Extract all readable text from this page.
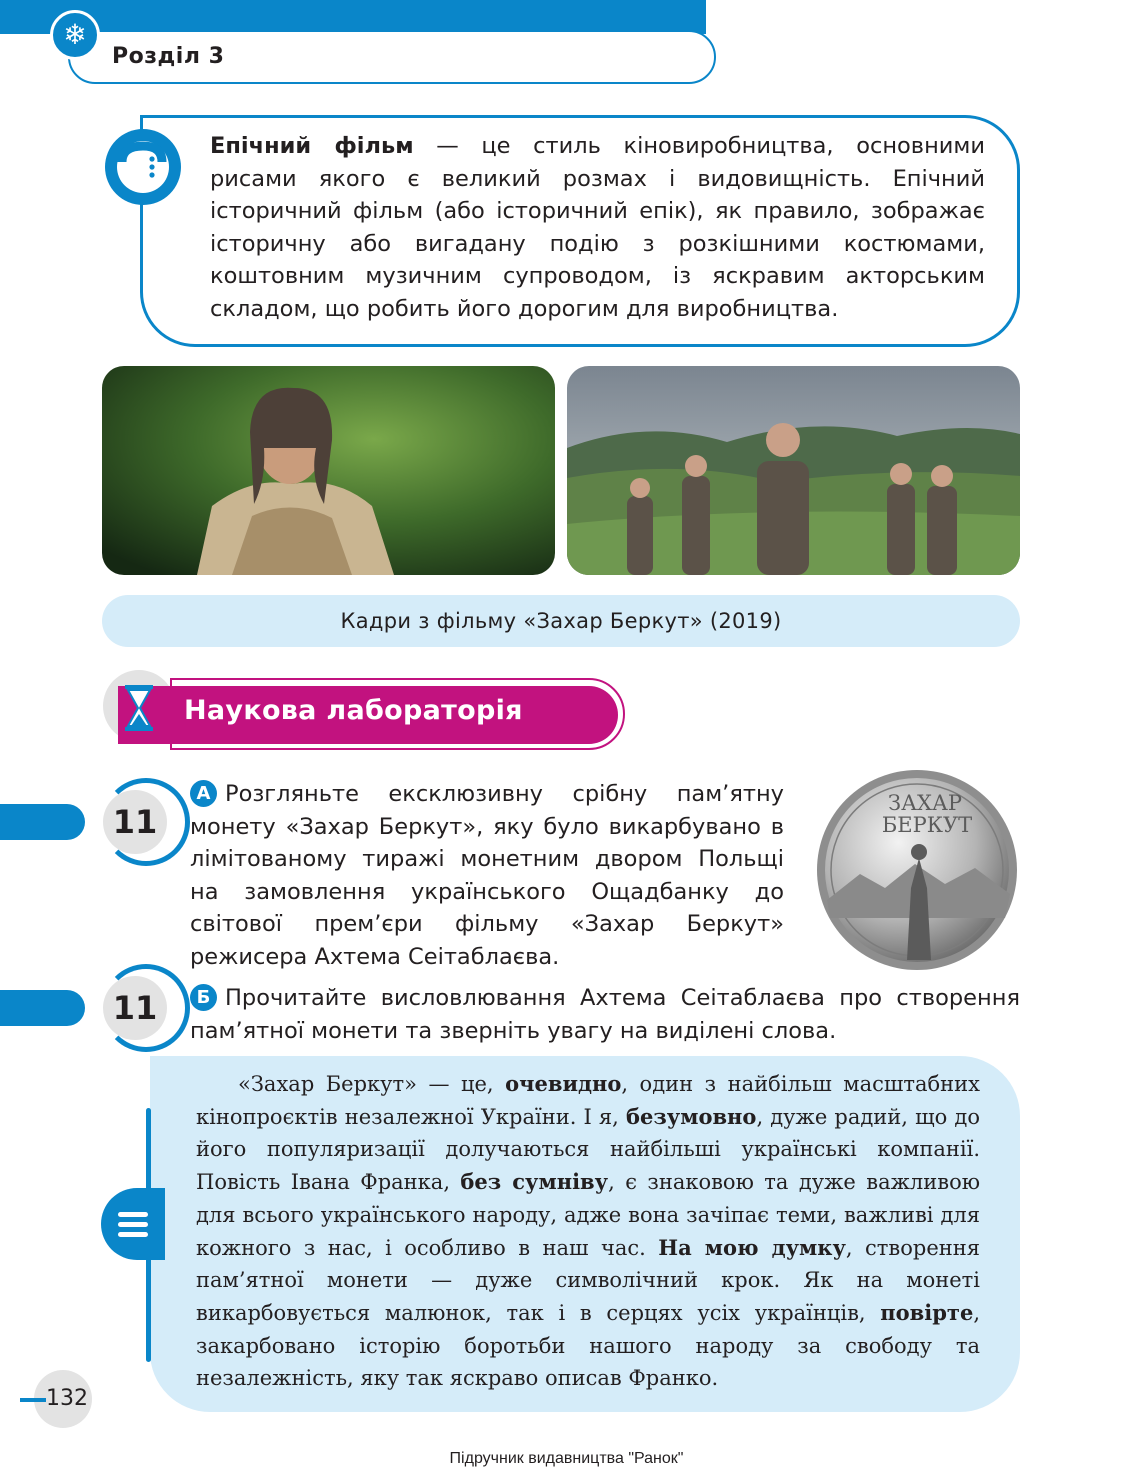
❄
Розділ 3
Епічний фільм — це стиль кіновиробництва, основними рисами якого є великий розмах і видовищність. Епічний історичний фільм (або історичний епік), як правило, зображає історичну або вигадану подію з розкішними костюмами, коштовним музичним супроводом, із яскравим акторським складом, що робить його дорогим для виробництва.
Кадри з фільму «Захар Беркут» (2019)
Наукова лабораторія
11
А Розгляньте ексклюзивну срібну пам’ятну монету «Захар Беркут», яку було викарбувано в лімітованому тиражі монетним двором Польщі на замовлення українського Ощадбанку до світової прем’єри фільму «Захар Беркут» режисера Ахтема Сеітаблаєва.
ЗАХАР
БЕРКУТ
11	Б Прочитайте висловлювання Ахтема Сеітаблаєва про створення пам’ятної монети та зверніть увагу на виділені слова.
«Захар Беркут» — це, очевидно, один з найбільш масштабних кінопроєктів незалежної України. І я, безумовно, дуже радий, що до його популяризації долучаються найбільші українські компанії. Повість Івана Франка, без сумніву, є знаковою та дуже важливою для всього українського народу, адже вона зачіпає теми, важливі для кожного з нас, і особливо в наш час. На мою думку, створення пам’ятної монети — дуже символічний крок. Як на монеті викарбовується малюнок, так і в серцях усіх українців, повірте, закарбовано історію боротьби нашого народу за свободу та незалежність, яку так яскраво описав Франко.
132
Підручник видавництва "Ранок"
